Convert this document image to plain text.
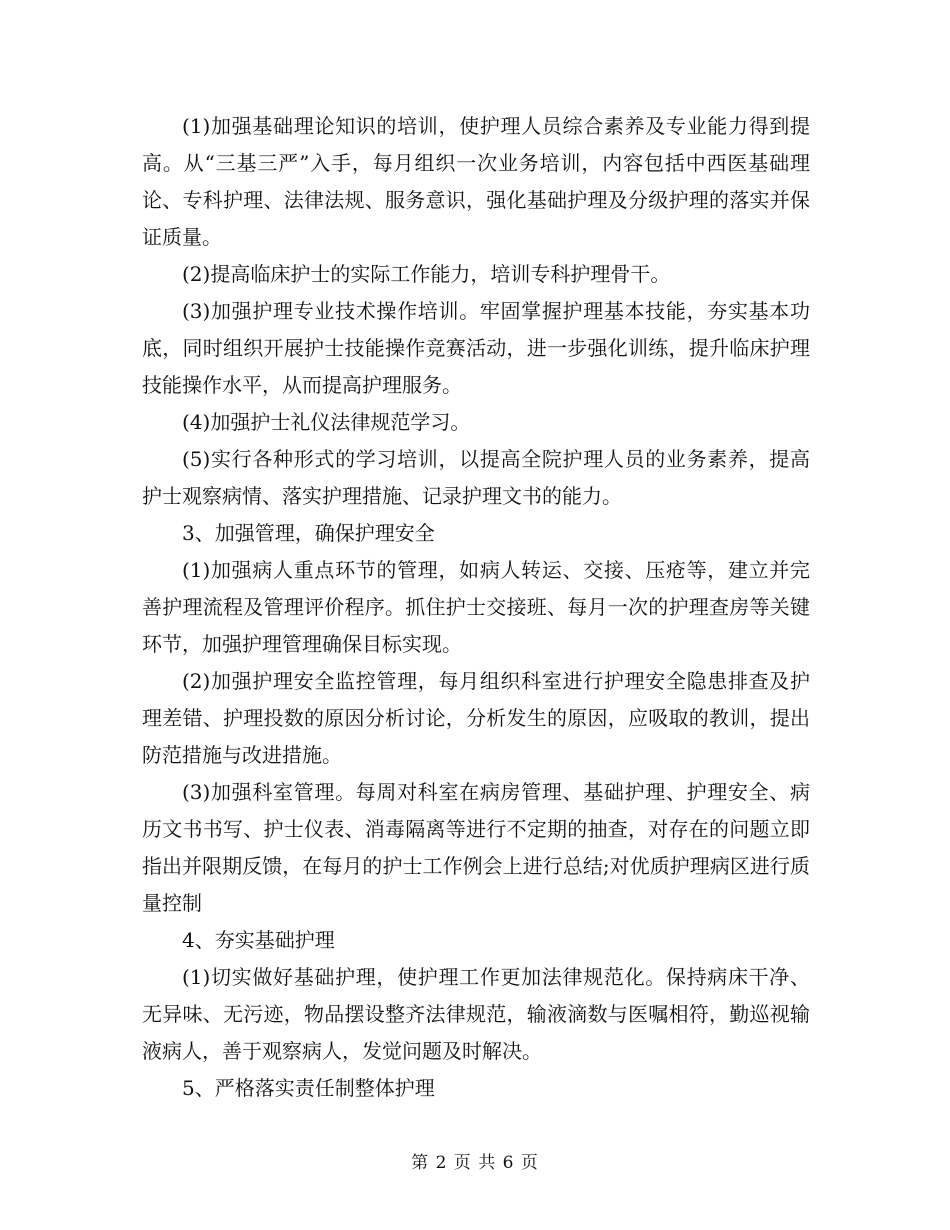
(1)加强基础理论知识的培训，使护理人员综合素养及专业能力得到提高。从“三基三严”入手，每月组织一次业务培训，内容包括中西医基础理论、专科护理、法律法规、服务意识，强化基础护理及分级护理的落实并保证质量。

(2)提高临床护士的实际工作能力，培训专科护理骨干。

(3)加强护理专业技术操作培训。牢固掌握护理基本技能，夯实基本功底，同时组织开展护士技能操作竞赛活动，进一步强化训练，提升临床护理技能操作水平，从而提高护理服务。

(4)加强护士礼仪法律规范学习。

(5)实行各种形式的学习培训，以提高全院护理人员的业务素养，提高护士观察病情、落实护理措施、记录护理文书的能力。

3、加强管理，确保护理安全

(1)加强病人重点环节的管理，如病人转运、交接、压疮等，建立并完善护理流程及管理评价程序。抓住护士交接班、每月一次的护理查房等关键环节，加强护理管理确保目标实现。

(2)加强护理安全监控管理，每月组织科室进行护理安全隐患排查及护理差错、护理投数的原因分析讨论，分析发生的原因，应吸取的教训，提出防范措施与改进措施。

(3)加强科室管理。每周对科室在病房管理、基础护理、护理安全、病历文书书写、护士仪表、消毒隔离等进行不定期的抽查，对存在的问题立即指出并限期反馈，在每月的护士工作例会上进行总结;对优质护理病区进行质量控制

4、夯实基础护理

(1)切实做好基础护理，使护理工作更加法律规范化。保持病床干净、无异味、无污迹，物品摆设整齐法律规范，输液滴数与医嘱相符，勤巡视输液病人，善于观察病人，发觉问题及时解决。

5、严格落实责任制整体护理

第 2 页 共 6 页
